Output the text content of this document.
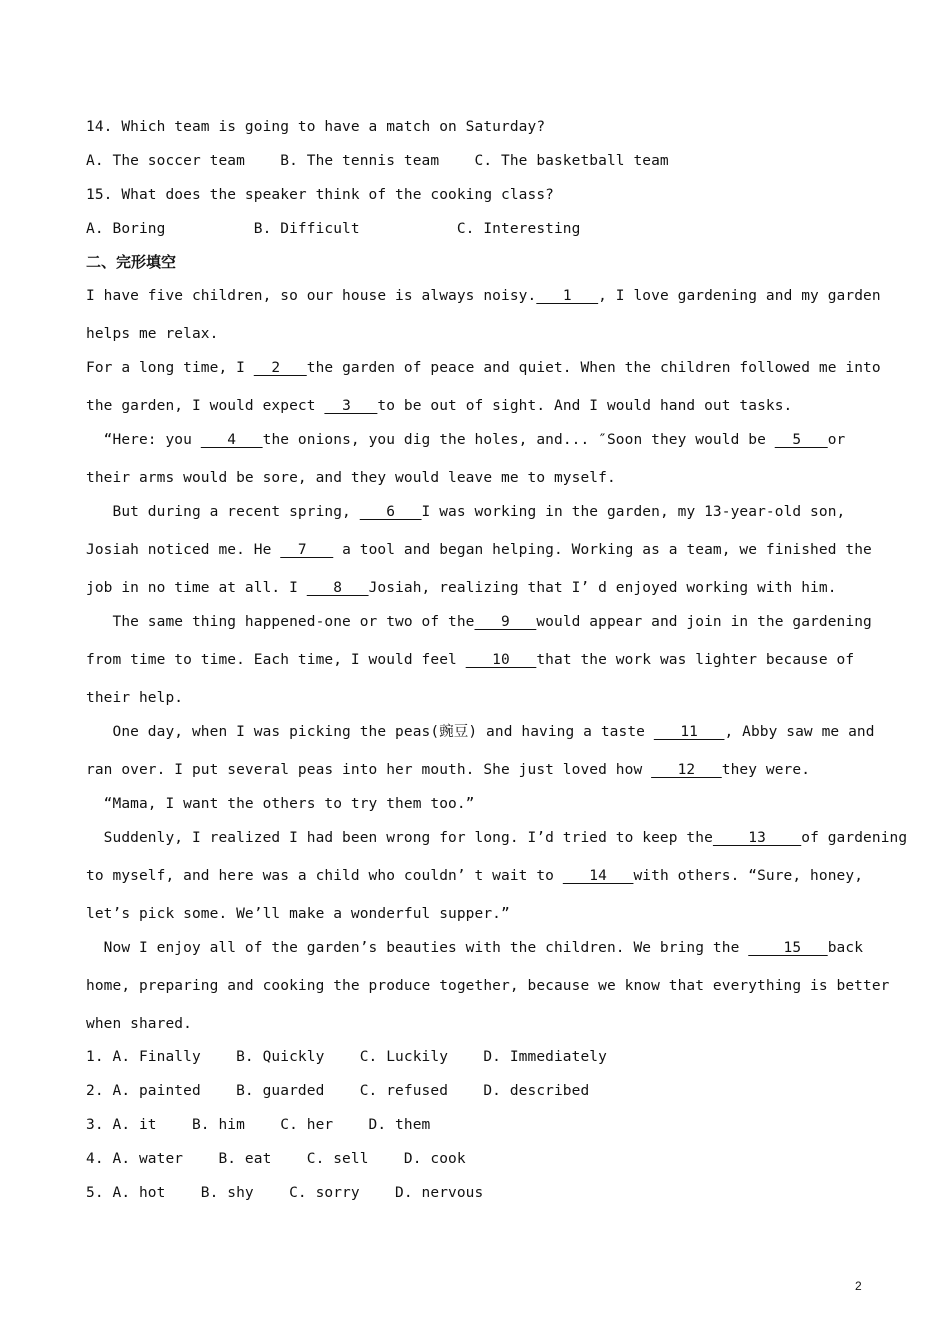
14. Which team is going to have a match on Saturday?
A. The soccer team    B. The tennis team    C. The basketball team
15. What does the speaker think of the cooking class?
A. Boring          B. Difficult           C. Interesting
二、完形填空
I have five children, so our house is always noisy.   1   , I love gardening and my garden
helps me relax.
For a long time, I   2   the garden of peace and quiet. When the children followed me into
the garden, I would expect   3   to be out of sight. And I would hand out tasks.
“Here: you    4   the onions, you dig the holes, and... ″Soon they would be   5   or
their arms would be sore, and they would leave me to myself.
But during a recent spring,    6   I was working in the garden, my 13-year-old son,
Josiah noticed me. He   7    a tool and began helping. Working as a team, we finished the
job in no time at all. I    8   Josiah, realizing that I’ d enjoyed working with him.
The same thing happened-one or two of the   9   would appear and join in the gardening
from time to time. Each time, I would feel    10   that the work was lighter because of
their help.
One day, when I was picking the peas(豌豆) and having a taste    11   , Abby saw me and
ran over. I put several peas into her mouth. She just loved how    12   they were.
“Mama, I want the others to try them too.”
Suddenly, I realized I had been wrong for long. I’d tried to keep the    13    of gardening
to myself, and here was a child who couldn’ t wait to    14   with others. “Sure, honey,
let’s pick some. We’ll make a wonderful supper.”
Now I enjoy all of the garden’s beauties with the children. We bring the     15   back
home, preparing and cooking the produce together, because we know that everything is better
when shared.
1. A. Finally    B. Quickly    C. Luckily    D. Immediately
2. A. painted    B. guarded    C. refused    D. described
3. A. it    B. him    C. her    D. them
4. A. water    B. eat    C. sell    D. cook
5. A. hot    B. shy    C. sorry    D. nervous
2
